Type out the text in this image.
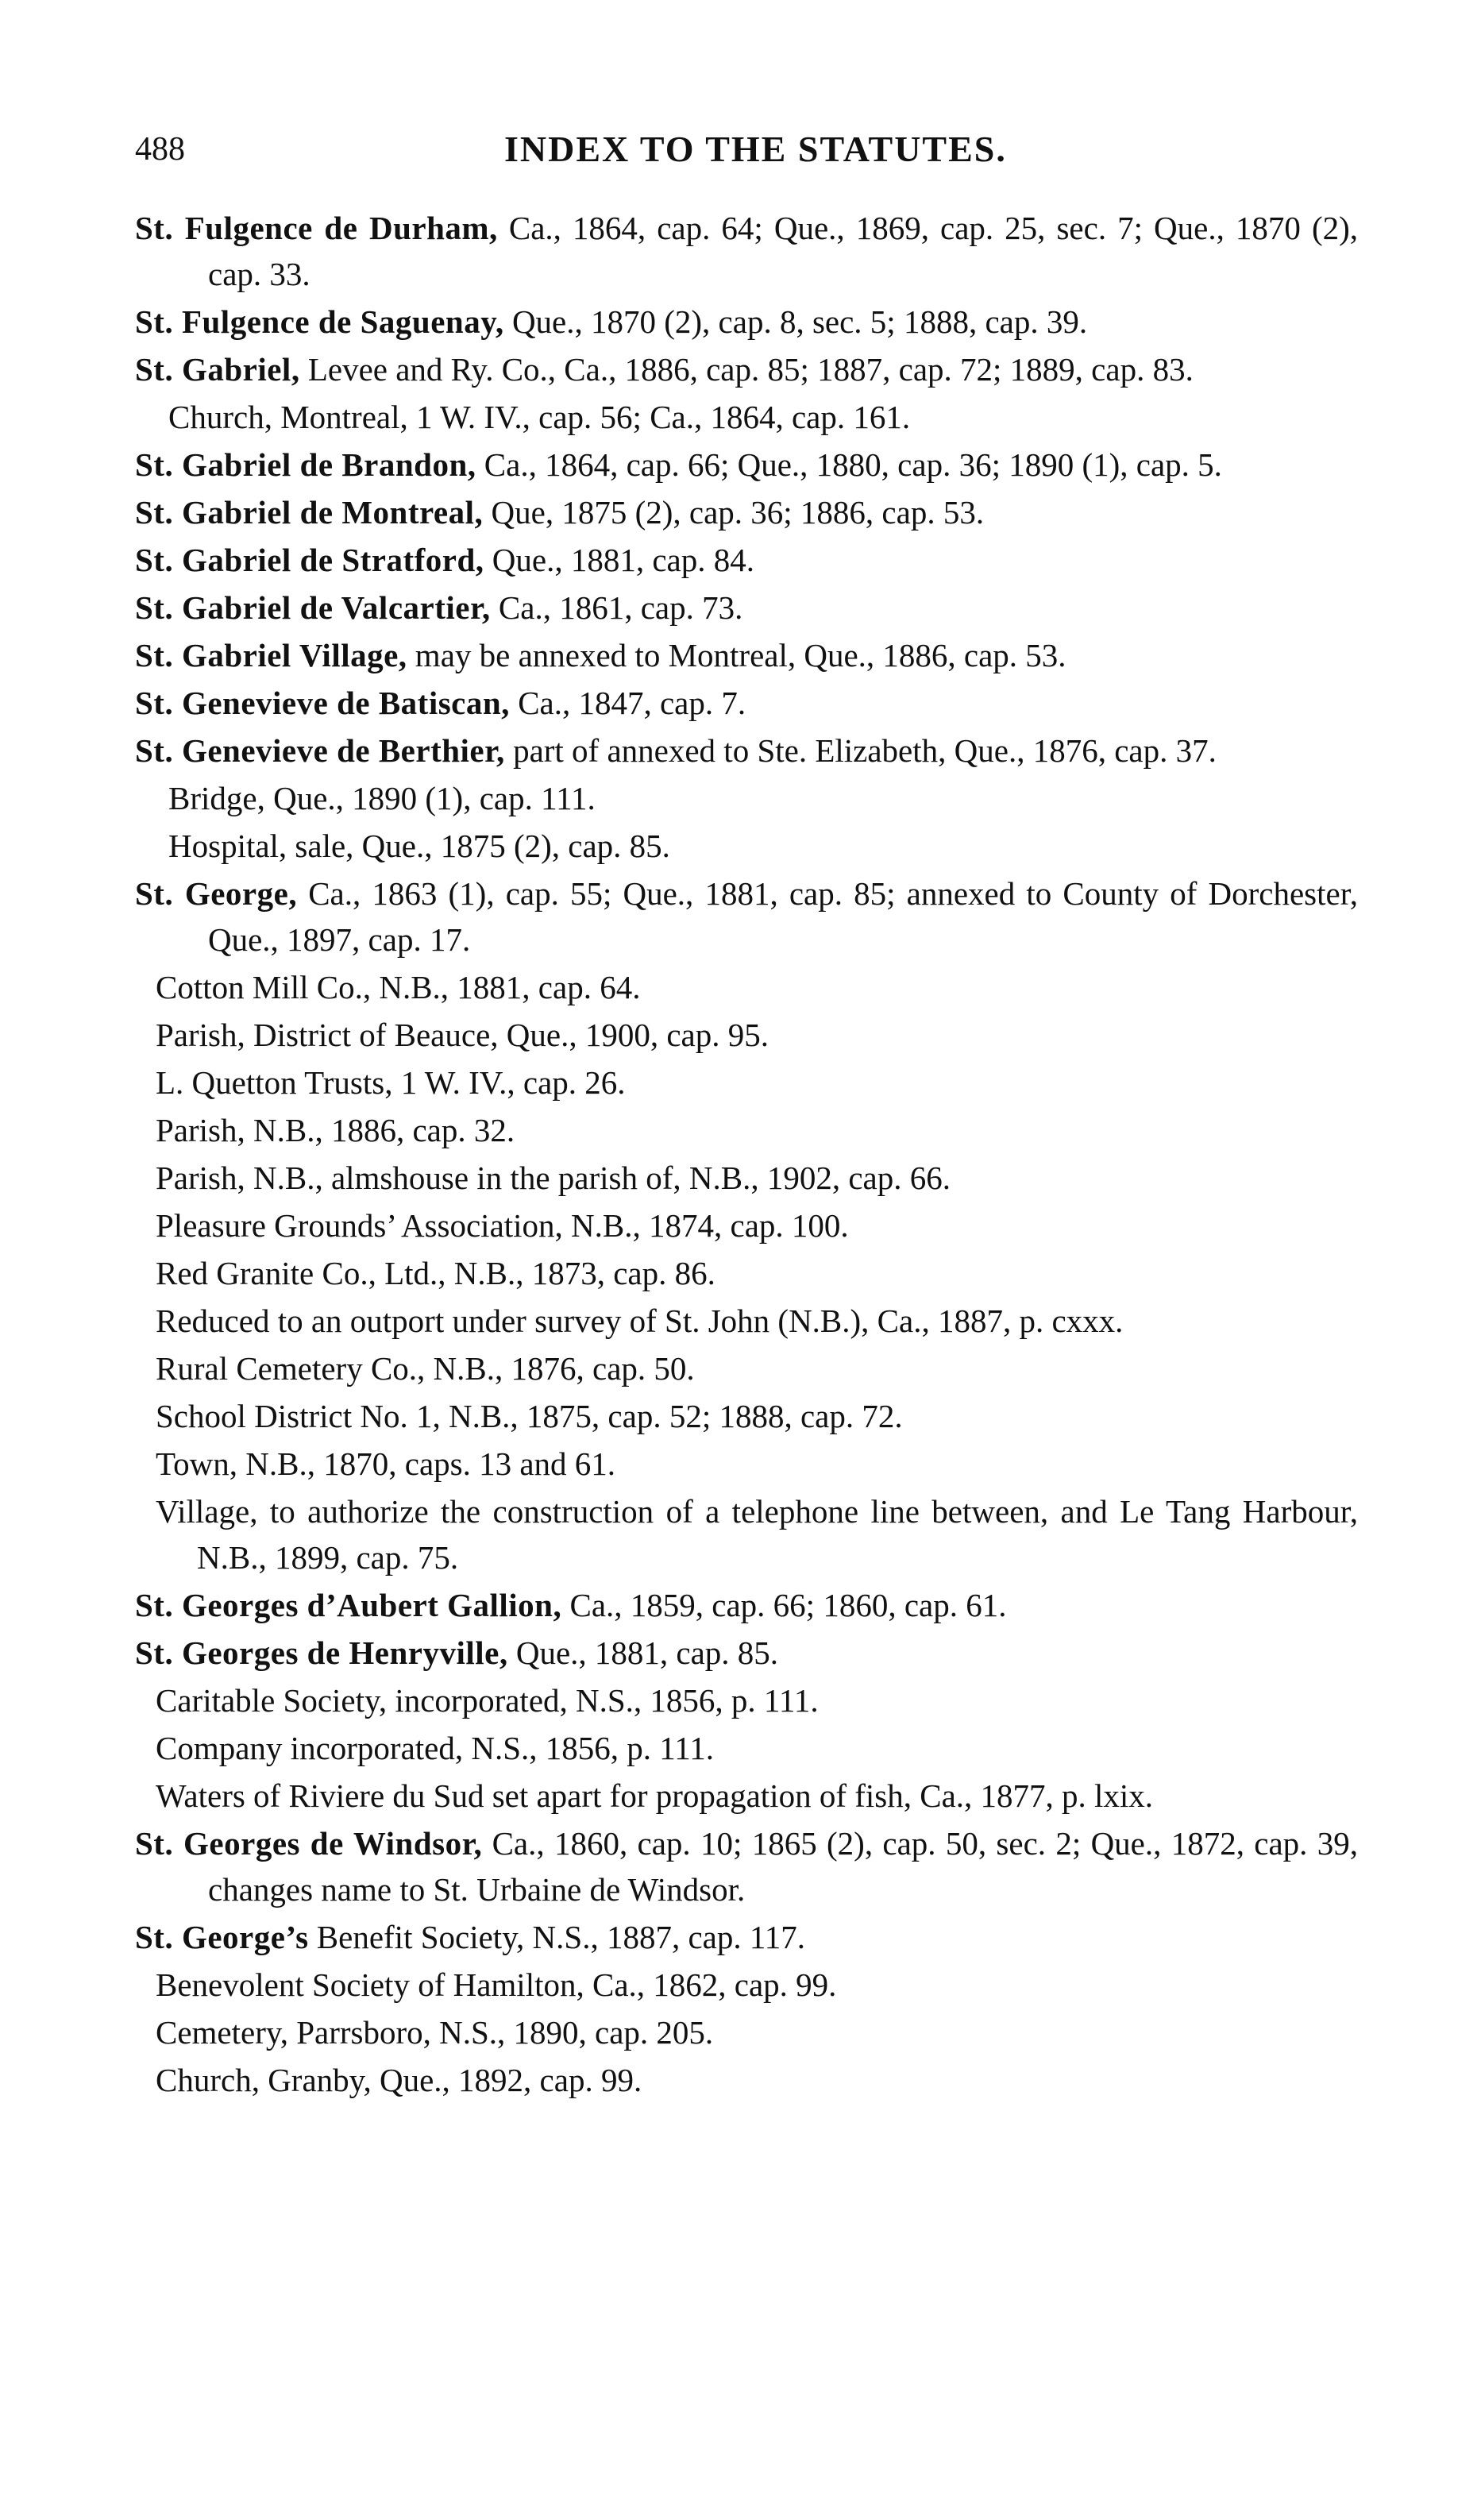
488	INDEX TO THE STATUTES.
St. Fulgence de Durham, Ca., 1864, cap. 64; Que., 1869, cap. 25, sec. 7; Que., 1870 (2), cap. 33.
St. Fulgence de Saguenay, Que., 1870 (2), cap. 8, sec. 5; 1888, cap. 39.
St. Gabriel, Levee and Ry. Co., Ca., 1886, cap. 85; 1887, cap. 72; 1889, cap. 83.
Church, Montreal, 1 W. IV., cap. 56; Ca., 1864, cap. 161.
St. Gabriel de Brandon, Ca., 1864, cap. 66; Que., 1880, cap. 36; 1890 (1), cap. 5.
St. Gabriel de Montreal, Que, 1875 (2), cap. 36; 1886, cap. 53.
St. Gabriel de Stratford, Que., 1881, cap. 84.
St. Gabriel de Valcartier, Ca., 1861, cap. 73.
St. Gabriel Village, may be annexed to Montreal, Que., 1886, cap. 53.
St. Genevieve de Batiscan, Ca., 1847, cap. 7.
St. Genevieve de Berthier, part of annexed to Ste. Elizabeth, Que., 1876, cap. 37.
Bridge, Que., 1890 (1), cap. 111.
Hospital, sale, Que., 1875 (2), cap. 85.
St. George, Ca., 1863 (1), cap. 55; Que., 1881, cap. 85; annexed to County of Dorchester, Que., 1897, cap. 17.
Cotton Mill Co., N.B., 1881, cap. 64.
Parish, District of Beauce, Que., 1900, cap. 95.
L. Quetton Trusts, 1 W. IV., cap. 26.
Parish, N.B., 1886, cap. 32.
Parish, N.B., almshouse in the parish of, N.B., 1902, cap. 66.
Pleasure Grounds’ Association, N.B., 1874, cap. 100.
Red Granite Co., Ltd., N.B., 1873, cap. 86.
Reduced to an outport under survey of St. John (N.B.), Ca., 1887, p. cxxx.
Rural Cemetery Co., N.B., 1876, cap. 50.
School District No. 1, N.B., 1875, cap. 52; 1888, cap. 72.
Town, N.B., 1870, caps. 13 and 61.
Village, to authorize the construction of a telephone line between, and Le Tang Harbour, N.B., 1899, cap. 75.
St. Georges d’Aubert Gallion, Ca., 1859, cap. 66; 1860, cap. 61.
St. Georges de Henryville, Que., 1881, cap. 85.
Caritable Society, incorporated, N.S., 1856, p. 111.
Company incorporated, N.S., 1856, p. 111.
Waters of Riviere du Sud set apart for propagation of fish, Ca., 1877, p. lxix.
St. Georges de Windsor, Ca., 1860, cap. 10; 1865 (2), cap. 50, sec. 2; Que., 1872, cap. 39, changes name to St. Urbaine de Windsor.
St. George’s Benefit Society, N.S., 1887, cap. 117.
Benevolent Society of Hamilton, Ca., 1862, cap. 99.
Cemetery, Parrsboro, N.S., 1890, cap. 205.
Church, Granby, Que., 1892, cap. 99.
